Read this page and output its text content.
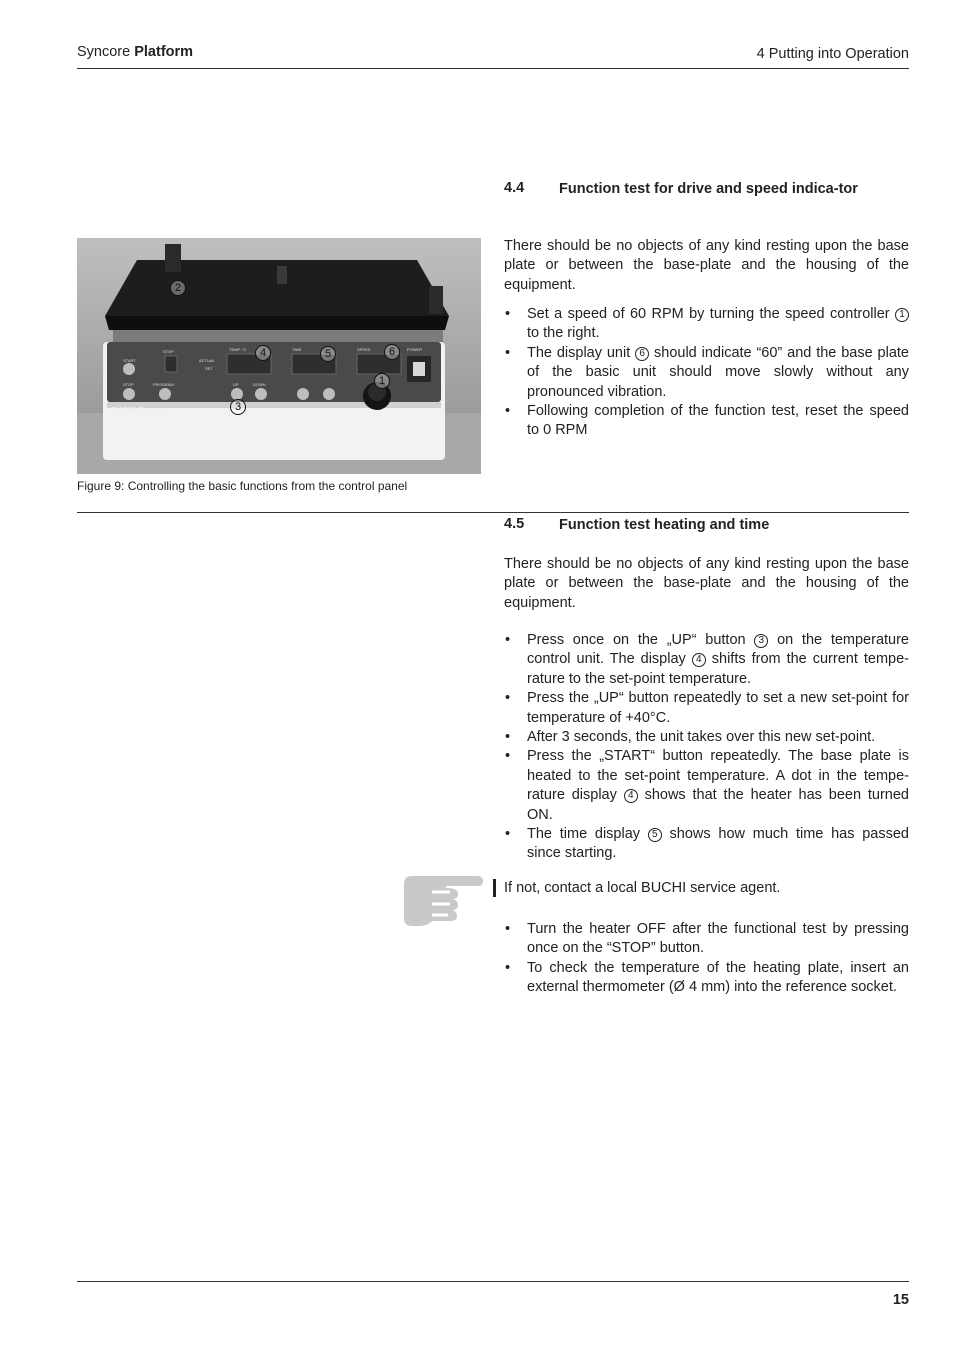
Syncore Platform	4 Putting into Operation
4.4	Function test for drive and speed indica-tor

There should be no objects of any kind resting upon the base plate or between the base-plate and the housing of the equipment.

• Set a speed of 60 RPM by turning the speed controller 1 to the right.
• The display unit 6 should indicate “60” and the base plate of the basic unit should move slowly without any pronounced vibration.
• Following completion of the function test, reset the speed to 0 RPM
START
STOP
STOP	PROGRAM
ACTUAL
SET
TEMP. °C	TIME	SPEED	POWER
UP	DOWN
BÜCHI Syncore
2
4	5	6
1
3
Figure 9: Controlling the basic functions from the control panel
4.5	Function test heating and time

There should be no objects of any kind resting upon the base plate or between the base-plate and the housing of the equipment.

• Press once on the „UP“ button 3 on the temperature control unit. The display 4 shifts from the current tempe-rature to the set-point temperature.
• Press the „UP“ button repeatedly to set a new set-point for temperature of +40°C.
• After 3 seconds, the unit takes over this new set-point.
• Press the „START“ button repeatedly. The base plate is heated to the set-point temperature. A dot in the tempe-rature display 4 shows that the heater has been turned ON.
• The time display 5 shows how much time has passed since starting.
If not, contact a local BUCHI service agent.
• Turn the heater OFF after the functional test by pressing once on the “STOP” button.
• To check the temperature of the heating plate, insert an external thermometer (Ø 4 mm) into the reference socket.
15
